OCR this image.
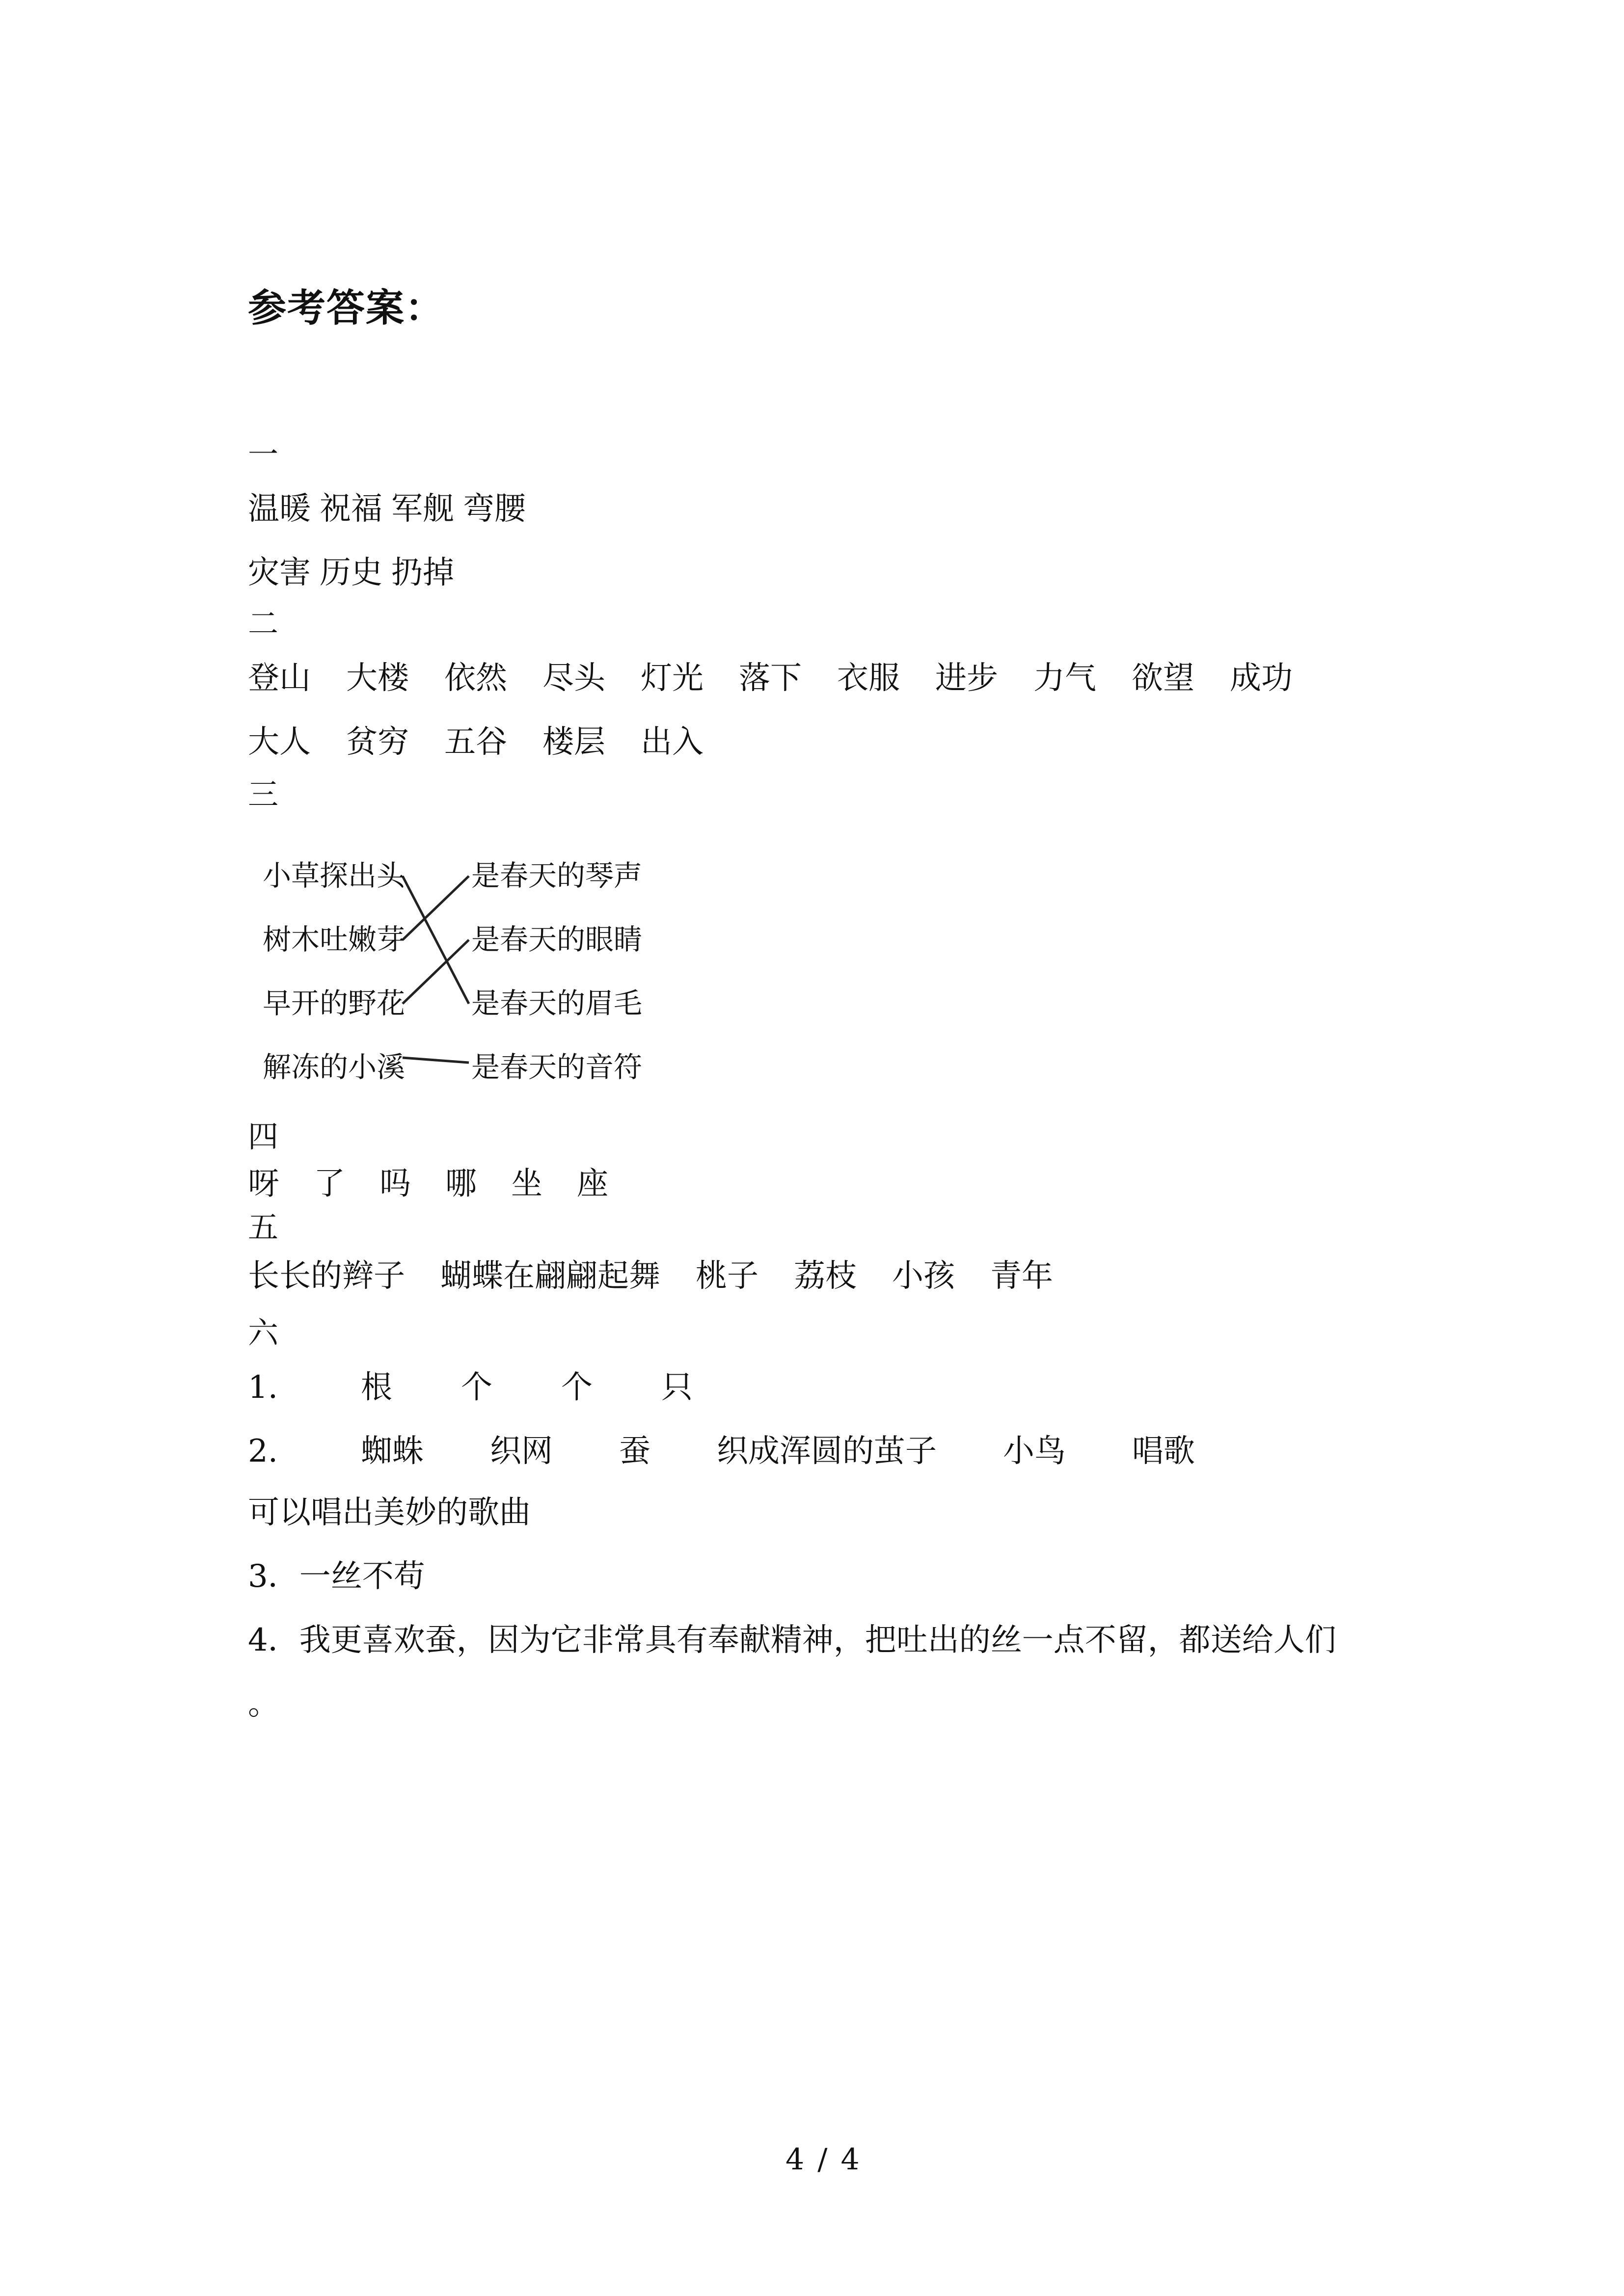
参考答案：
一
温暖 祝福 军舰 弯腰
灾害 历史 扔掉
二
登山 大楼 依然 尽头 灯光 落下 衣服 进步 力气 欲望 成功
大人 贫穷 五谷 楼层 出入
三
小草探出头
树木吐嫩芽
早开的野花
解冻的小溪
是春天的琴声
是春天的眼睛
是春天的眉毛
是春天的音符
四
呀 了 吗 哪 坐 座
五
长长的辫子 蝴蝶在翩翩起舞 桃子 荔枝 小孩 青年
六
1.	根 个 个 只
2.	蜘蛛 织网 蚕 织成浑圆的茧子 小鸟 唱歌
可以唱出美妙的歌曲
3．一丝不苟
4．我更喜欢蚕，因为它非常具有奉献精神，把吐出的丝一点不留，都送给人们
。
4 / 4
